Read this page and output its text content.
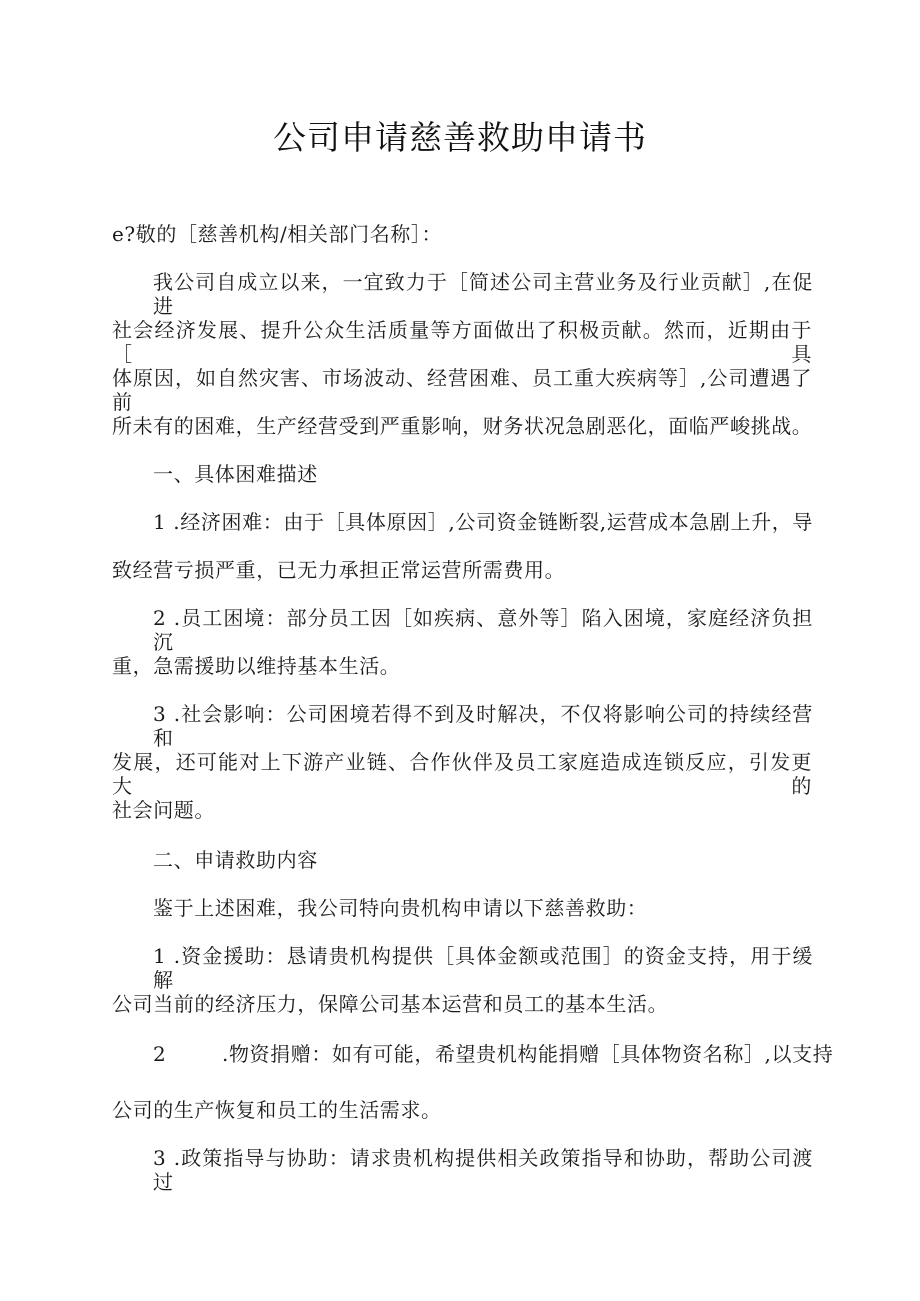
公司申请慈善救助申请书

e?敬的［慈善机构/相关部门名称］：

我公司自成立以来，一宜致力于［简述公司主营业务及行业贡献］,在促进

社会经济发展、提升公众生活质量等方面做出了积极贡献。然而，近期由于［具

体原因，如自然灾害、市场波动、经营困难、员工重大疾病等］,公司遭遇了前

所未有的困难，生产经营受到严重影响，财务状况急剧恶化，面临严峻挑战。

一、具体困难描述

1 .经济困难：由于［具体原因］,公司资金链断裂,运营成本急剧上升，导

致经营亏损严重，已无力承担正常运营所需费用。

2 .员工困境：部分员工因［如疾病、意外等］陷入困境，家庭经济负担沉

重，急需援助以维持基本生活。

3 .社会影响：公司困境若得不到及时解决，不仅将影响公司的持续经营和

发展，还可能对上下游产业链、合作伙伴及员工家庭造成连锁反应，引发更大的

社会问题。

二、申请救助内容

鉴于上述困难，我公司特向贵机构申请以下慈善救助：

1 .资金援助：恳请贵机构提供［具体金额或范围］的资金支持，用于缓解

公司当前的经济压力，保障公司基本运营和员工的基本生活。

2        .物资捐赠：如有可能，希望贵机构能捐赠［具体物资名称］,以支持

公司的生产恢复和员工的生活需求。

3 .政策指导与协助：请求贵机构提供相关政策指导和协助，帮助公司渡过
